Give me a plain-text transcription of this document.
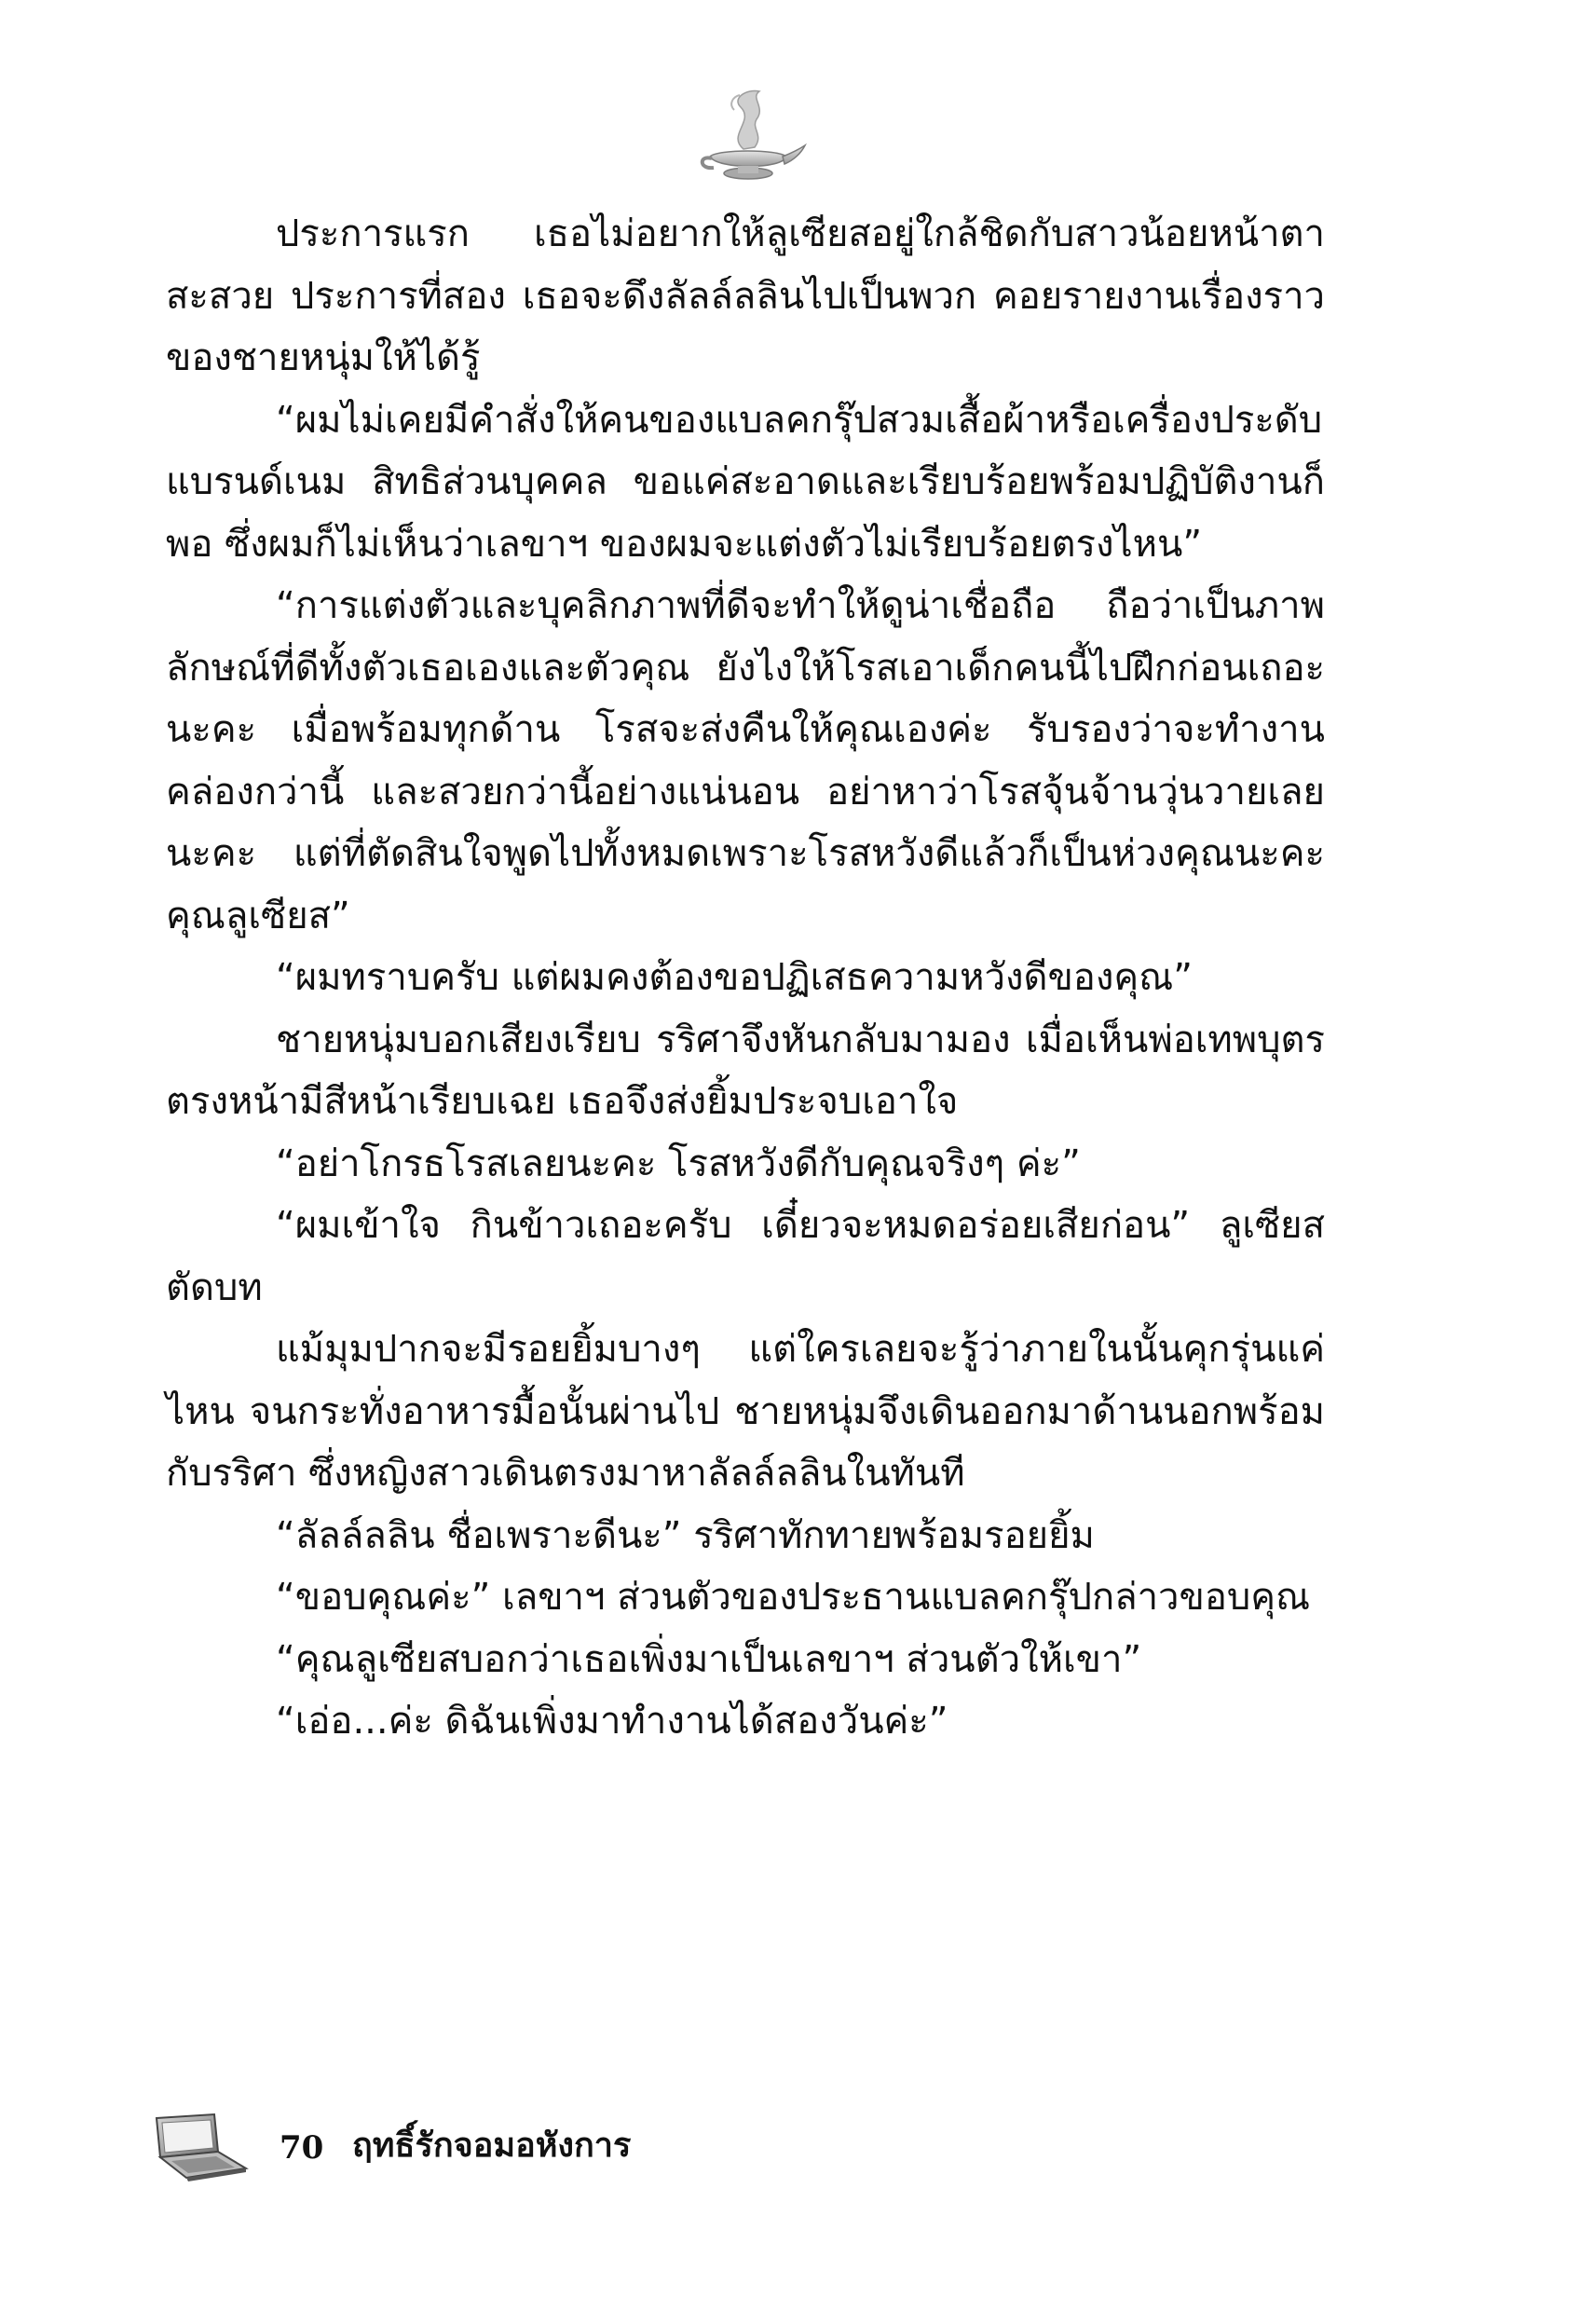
ประการแรก เธอไม่อยากให้ลูเซียสอยู่ใกล้ชิดกับสาวน้อยหน้าตาสะสวย ประการที่สอง เธอจะดึงลัลล์ลลินไปเป็นพวก คอยรายงานเรื่องราวของชายหนุ่มให้ได้รู้

“ผมไม่เคยมีคำสั่งให้คนของแบลคกรุ๊ปสวมเสื้อผ้าหรือเครื่องประดับแบรนด์เนม สิทธิส่วนบุคคล ขอแค่สะอาดและเรียบร้อยพร้อมปฏิบัติงานก็พอ ซึ่งผมก็ไม่เห็นว่าเลขาฯ ของผมจะแต่งตัวไม่เรียบร้อยตรงไหน”

“การแต่งตัวและบุคลิกภาพที่ดีจะทำให้ดูน่าเชื่อถือ ถือว่าเป็นภาพลักษณ์ที่ดีทั้งตัวเธอเองและตัวคุณ ยังไงให้โรสเอาเด็กคนนี้ไปฝึกก่อนเถอะนะคะ เมื่อพร้อมทุกด้าน โรสจะส่งคืนให้คุณเองค่ะ รับรองว่าจะทำงานคล่องกว่านี้ และสวยกว่านี้อย่างแน่นอน อย่าหาว่าโรสจุ้นจ้านวุ่นวายเลยนะคะ แต่ที่ตัดสินใจพูดไปทั้งหมดเพราะโรสหวังดีแล้วก็เป็นห่วงคุณนะคะคุณลูเซียส”

“ผมทราบครับ แต่ผมคงต้องขอปฏิเสธความหวังดีของคุณ”

ชายหนุ่มบอกเสียงเรียบ รริศาจึงหันกลับมามอง เมื่อเห็นพ่อเทพบุตรตรงหน้ามีสีหน้าเรียบเฉย เธอจึงส่งยิ้มประจบเอาใจ

“อย่าโกรธโรสเลยนะคะ โรสหวังดีกับคุณจริงๆ ค่ะ”

“ผมเข้าใจ กินข้าวเถอะครับ เดี๋ยวจะหมดอร่อยเสียก่อน” ลูเซียสตัดบท

แม้มุมปากจะมีรอยยิ้มบางๆ แต่ใครเลยจะรู้ว่าภายในนั้นคุกรุ่นแค่ไหน จนกระทั่งอาหารมื้อนั้นผ่านไป ชายหนุ่มจึงเดินออกมาด้านนอกพร้อมกับรริศา ซึ่งหญิงสาวเดินตรงมาหาลัลล์ลลินในทันที

“ลัลล์ลลิน ชื่อเพราะดีนะ” รริศาทักทายพร้อมรอยยิ้ม

“ขอบคุณค่ะ” เลขาฯ ส่วนตัวของประธานแบลคกรุ๊ปกล่าวขอบคุณ

“คุณลูเซียสบอกว่าเธอเพิ่งมาเป็นเลขาฯ ส่วนตัวให้เขา”

“เอ่อ...ค่ะ ดิฉันเพิ่งมาทำงานได้สองวันค่ะ”

70 ฤทธิ์รักจอมอหังการ
